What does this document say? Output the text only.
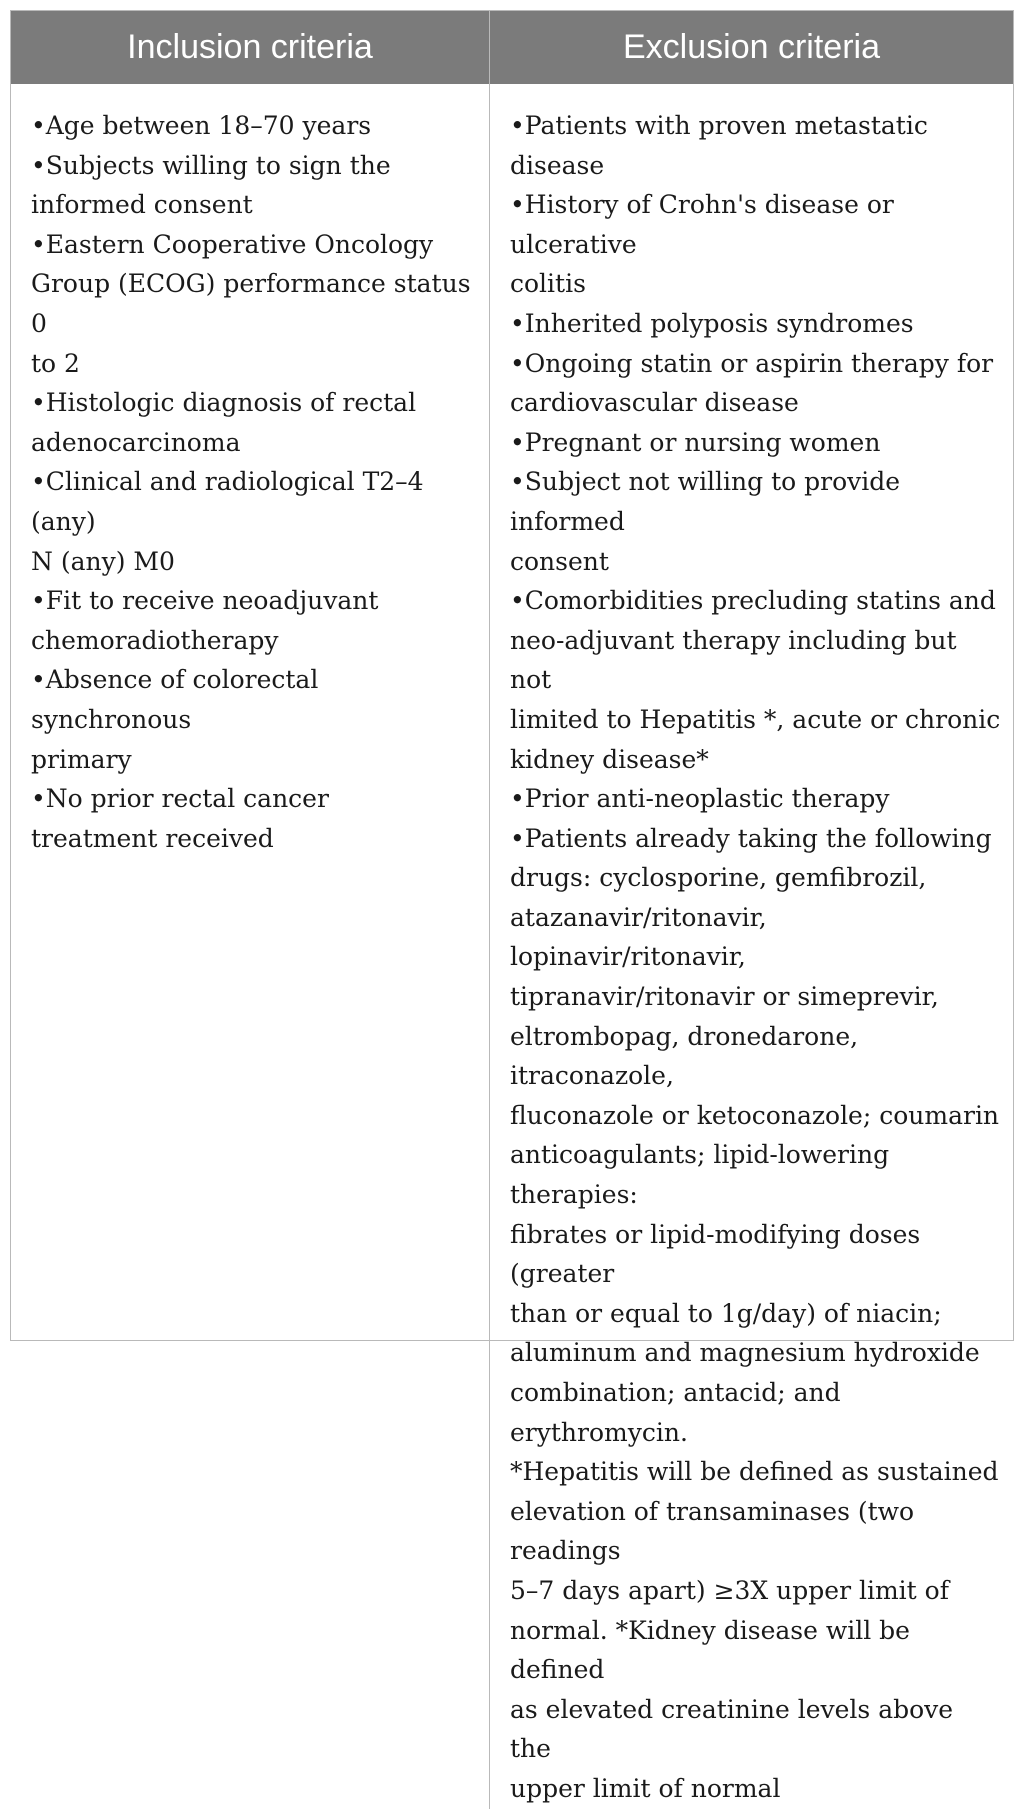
Inclusion criteria	Exclusion criteria
•Age between 18–70 years
•Subjects willing to sign the
informed consent
•Eastern Cooperative Oncology
Group (ECOG) performance status 0
to 2
•Histologic diagnosis of rectal
adenocarcinoma
•Clinical and radiological T2–4 (any)
N (any) M0
•Fit to receive neoadjuvant
chemoradiotherapy
•Absence of colorectal synchronous
primary
•No prior rectal cancer
treatment received
•Patients with proven metastatic disease
•History of Crohn's disease or ulcerative
colitis
•Inherited polyposis syndromes
•Ongoing statin or aspirin therapy for
cardiovascular disease
•Pregnant or nursing women
•Subject not willing to provide informed
consent
•Comorbidities precluding statins and
neo-adjuvant therapy including but not
limited to Hepatitis *, acute or chronic
kidney disease*
•Prior anti-neoplastic therapy
•Patients already taking the following
drugs: cyclosporine, gemfibrozil,
atazanavir/ritonavir, lopinavir/ritonavir,
tipranavir/ritonavir or simeprevir,
eltrombopag, dronedarone, itraconazole,
fluconazole or ketoconazole; coumarin
anticoagulants; lipid-lowering therapies:
fibrates or lipid-modifying doses (greater
than or equal to 1g/day) of niacin;
aluminum and magnesium hydroxide
combination; antacid; and erythromycin.
*Hepatitis will be defined as sustained
elevation of transaminases (two readings
5–7 days apart) ≥3X upper limit of
normal. *Kidney disease will be defined
as elevated creatinine levels above the
upper limit of normal
